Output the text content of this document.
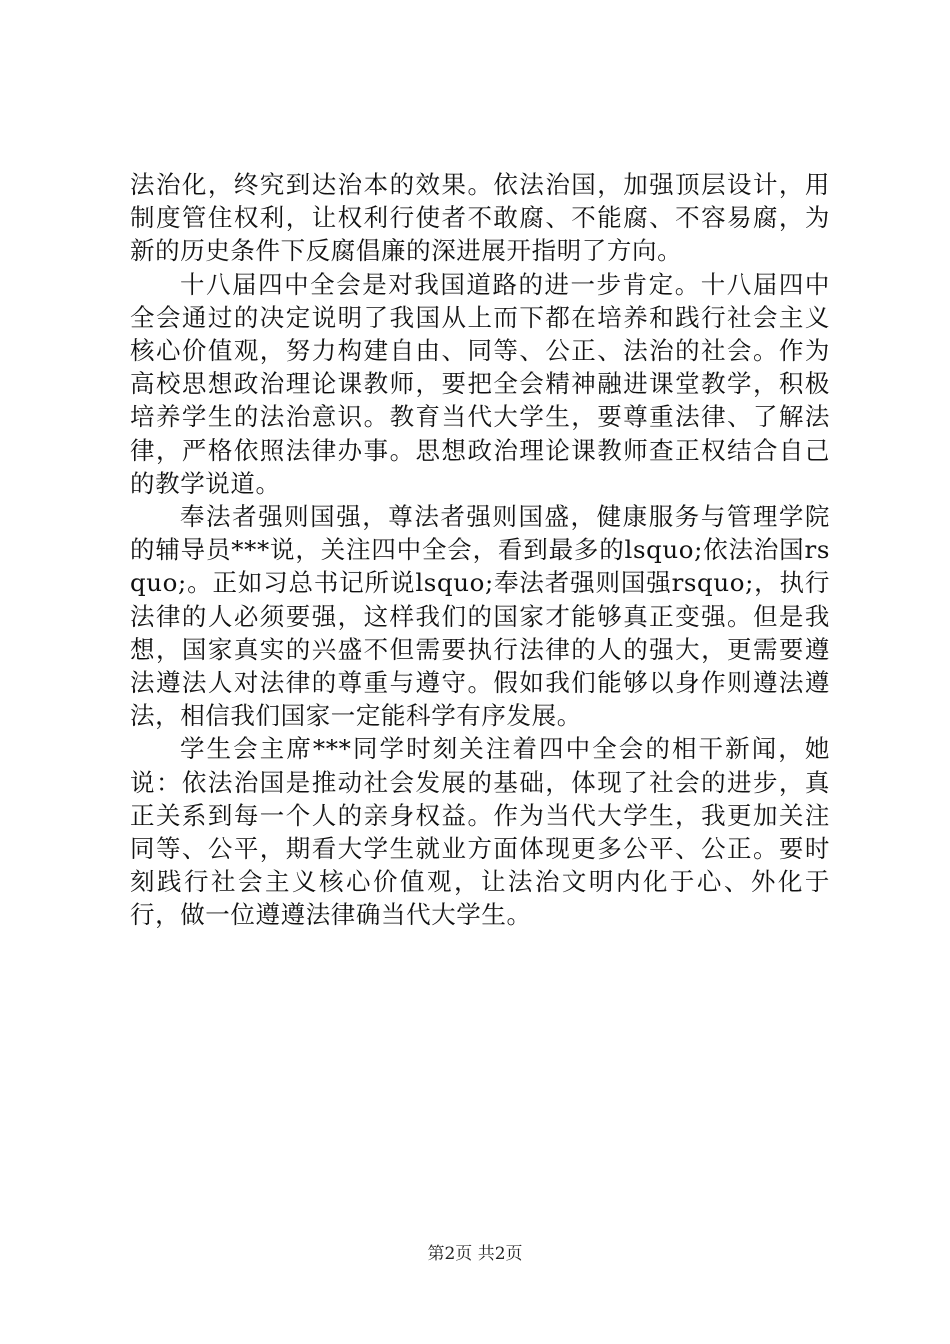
法治化，终究到达治本的效果。依法治国，加强顶层设计，用制度管住权利，让权利行使者不敢腐、不能腐、不容易腐，为新的历史条件下反腐倡廉的深进展开指明了方向。

十八届四中全会是对我国道路的进一步肯定。十八届四中全会通过的决定说明了我国从上而下都在培养和践行社会主义核心价值观，努力构建自由、同等、公正、法治的社会。作为高校思想政治理论课教师，要把全会精神融进课堂教学，积极培养学生的法治意识。教育当代大学生，要尊重法律、了解法律，严格依照法律办事。思想政治理论课教师查正权结合自己的教学说道。

奉法者强则国强，尊法者强则国盛，健康服务与管理学院的辅导员***说，关注四中全会，看到最多的lsquo;依法治国rsquo;。正如习总书记所说lsquo;奉法者强则国强rsquo;，执行法律的人必须要强，这样我们的国家才能够真正变强。但是我想，国家真实的兴盛不但需要执行法律的人的强大，更需要遵法遵法人对法律的尊重与遵守。假如我们能够以身作则遵法遵法，相信我们国家一定能科学有序发展。

学生会主席***同学时刻关注着四中全会的相干新闻，她说：依法治国是推动社会发展的基础，体现了社会的进步，真正关系到每一个人的亲身权益。作为当代大学生，我更加关注同等、公平，期看大学生就业方面体现更多公平、公正。要时刻践行社会主义核心价值观，让法治文明内化于心、外化于行，做一位遵遵法律确当代大学生。

第2页 共2页
